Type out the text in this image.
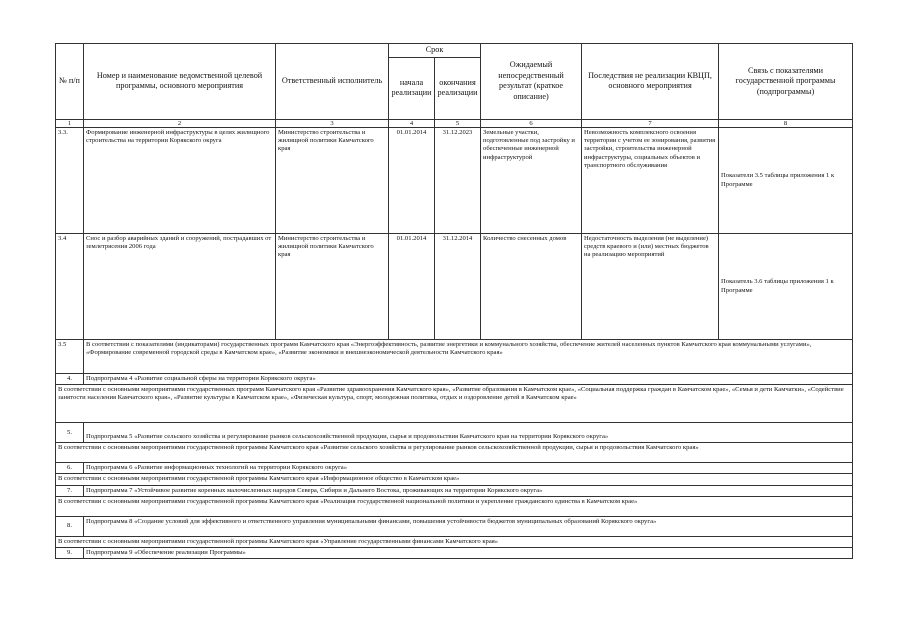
№ п/п	Номер и наименование ведомственной целевой программы, основного мероприятия	Ответственный исполнитель	Срок		Ожидаемый непосредственный результат (краткое описание)	Последствия не реализации КВЦП, основного мероприятия	Связь с показателями государственной программы (подпрограммы)
			начала реализации	окончания реализации			
1	2	3	4	5	6	7	8
3.3.	Формирование инженерной инфраструктуры в целях жилищного строительства на территории Корякского округа	Министерство строительства и жилищной политики Камчатского края	01.01.2014	31.12.2023	Земельные участки, подготовленные под застройку и обеспеченные инженерной инфраструктурой	Невозможность комплексного освоения территории с учетом ее зонирования, развития застройки, строительства инженерной инфраструктуры, социальных объектов и транспортного обслуживания	Показатели 3.5 таблицы приложения 1 к Программе
3.4	Снос и разбор аварийных зданий и сооружений, пострадавших от землетрясения 2006 года	Министерство строительства и жилищной политики Камчатского края	01.01.2014	31.12.2014	Количество снесенных домов	Недостаточность выделения (не выделение) средств краевого и (или) местных бюджетов на реализацию мероприятий	Показатель 3.6 таблицы приложения 1 к Программе
3.5	В соответствии с показателями (индикаторами) государственных программ Камчатского края «Энергоэффективность, развитие энергетики и коммунального хозяйства, обеспечение жителей населенных пунктов Камчатского края коммунальными услугами», «Формирование современной городской среды в Камчатском крае», «Развитие экономики и внешнеэкономической деятельности Камчатского края»						
4.	Подпрограмма 4 «Развитие социальной сферы на территории Корякского округа»						
В соответствии с основными мероприятиями государственных программ Камчатского края «Развитие здравоохранения Камчатского края», «Развитие образования в Камчатском крае», «Социальная поддержка граждан в Камчатском крае», «Семья и дети Камчатки», «Содействие занятости населения Камчатского края», «Развитие культуры в Камчатском крае», «Физическая культура, спорт, молодежная политика, отдых и оздоровление детей в Камчатском крае»							
5.	Подпрограмма 5 «Развитие сельского хозяйства и регулирование рынков сельскохозяйственной продукции, сырья и продовольствия Камчатского края на территории Корякского округа»						
В соответствии с основными мероприятиями государственной программы Камчатского края «Развитие сельского хозяйства и регулирование рынков сельскохозяйственной продукции, сырья и продовольствия Камчатского края»							
6.	Подпрограмма 6 «Развитие информационных технологий на территории Корякского округа»						
В соответствии с основными мероприятиями государственной программы Камчатского края «Информационное общество в Камчатском крае»							
7.	Подпрограмма 7 «Устойчивое развитие коренных малочисленных народов Севера, Сибири и Дальнего Востока, проживающих на территории Корякского округа»						
В соответствии с основными мероприятиями государственной программы Камчатского края «Реализация государственной национальной политики и укрепление гражданского единства в Камчатском крае»							
8.	Подпрограмма 8 «Создание условий для эффективного и ответственного управления муниципальными финансами, повышения устойчивости бюджетов муниципальных образований Корякского округа»						
В соответствии с основными мероприятиями государственной программы Камчатского края «Управление государственными финансами Камчатского края»							
9.	Подпрограмма 9 «Обеспечение реализации Программы»						
